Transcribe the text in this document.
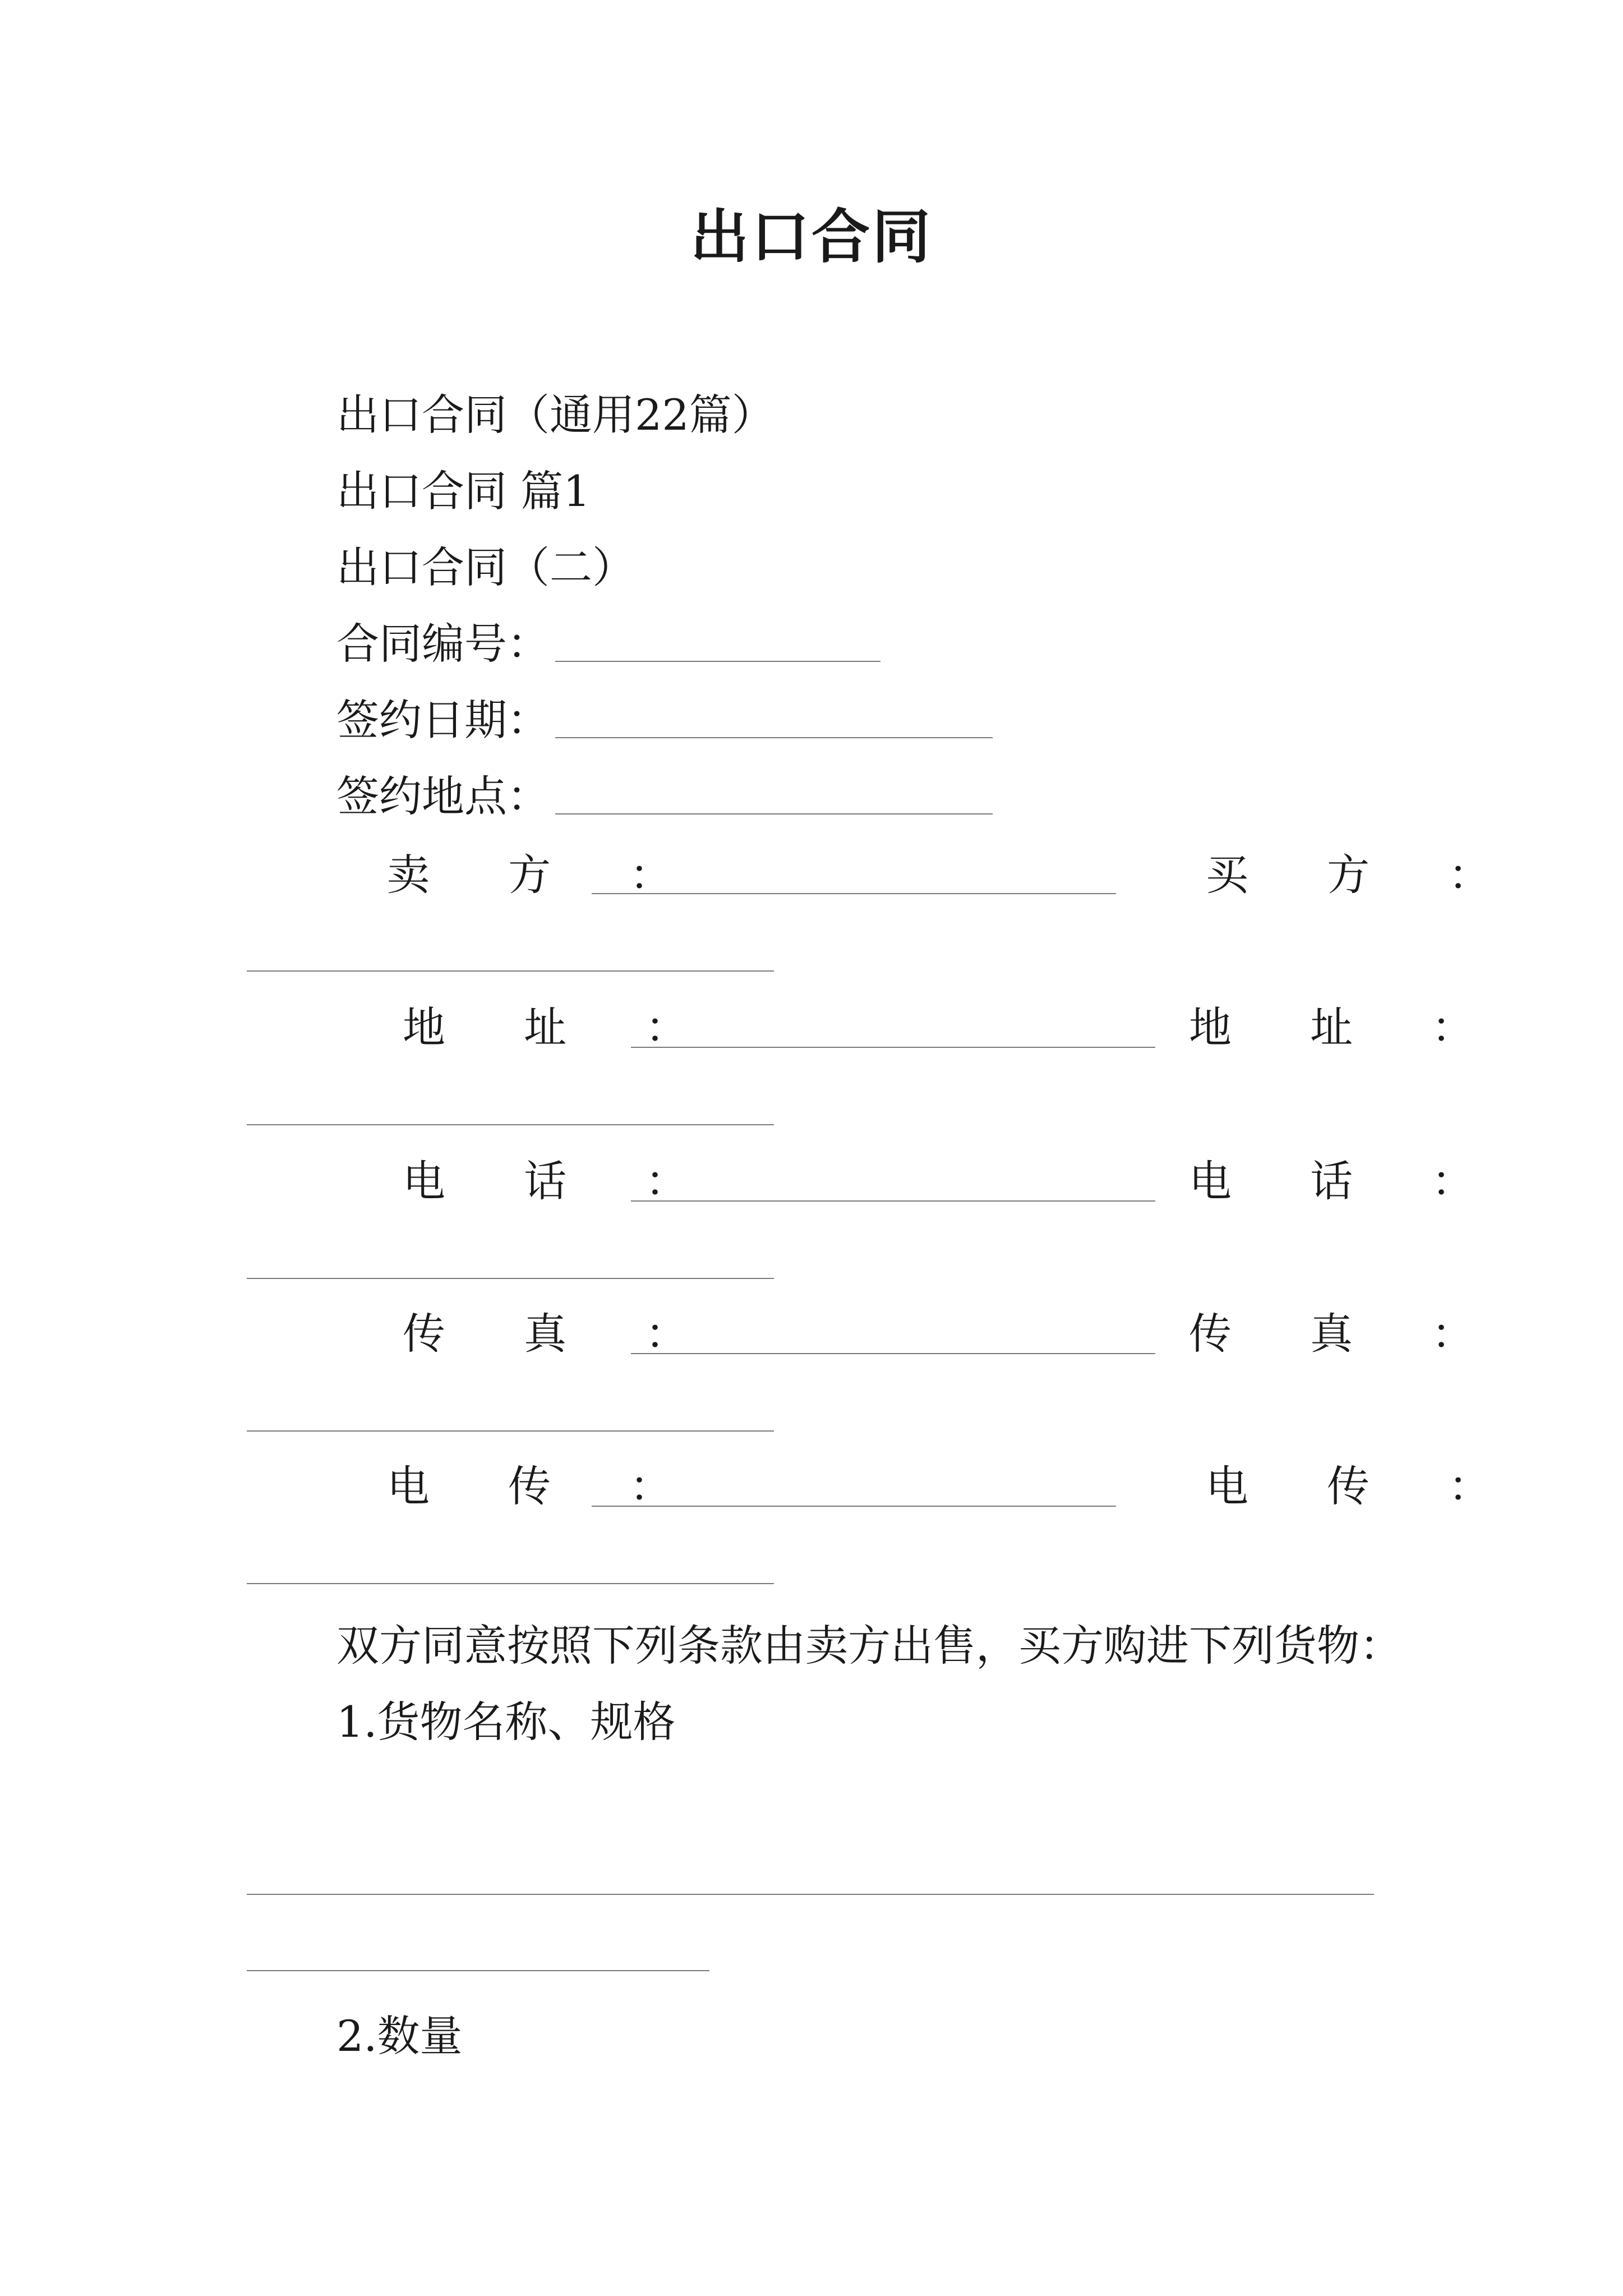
出口合同
出口合同（通用22篇）
出口合同 篇1
出口合同（二）
合同编号：
签约日期：
签约地点：
卖 方 ：	买 方 ：
地 址 ：	地 址 ：
电 话 ：	电 话 ：
传 真 ：	传 真 ：
电 传 ：	电 传 ：
双方同意按照下列条款由卖方出售，买方购进下列货物：
1.货物名称、规格
2.数量
